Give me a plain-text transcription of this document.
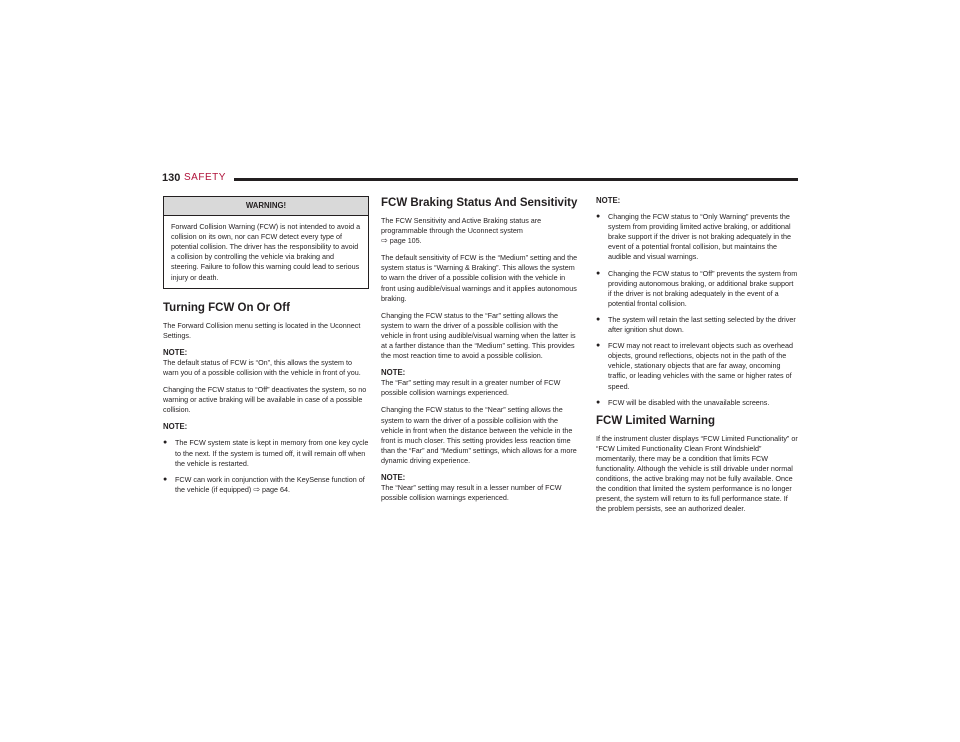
130 SAFETY
WARNING!
Forward Collision Warning (FCW) is not intended to avoid a collision on its own, nor can FCW detect every type of potential collision. The driver has the responsibility to avoid a collision by controlling the vehicle via braking and steering. Failure to follow this warning could lead to serious injury or death.
Turning FCW On Or Off

The Forward Collision menu setting is located in the Uconnect Settings.

NOTE:

The default status of FCW is “On”, this allows the system to warn you of a possible collision with the vehicle in front of you.

Changing the FCW status to “Off” deactivates the system, so no warning or active braking will be available in case of a possible collision.

NOTE:
● The FCW system state is kept in memory from one key cycle to the next. If the system is turned off, it will remain off when the vehicle is restarted.
● FCW can work in conjunction with the KeySense function of the vehicle (if equipped) ⇨ page 64.
FCW Braking Status And Sensitivity

The FCW Sensitivity and Active Braking status are programmable through the Uconnect system
⇨ page 105.

The default sensitivity of FCW is the “Medium” setting and the system status is “Warning & Braking”. This allows the system to warn the driver of a possible collision with the vehicle in front using audible/visual warnings and it applies autonomous braking.

Changing the FCW status to the “Far” setting allows the system to warn the driver of a possible collision with the vehicle in front using audible/visual warning when the latter is at a farther distance than the “Medium” setting. This provides the most reaction time to avoid a possible collision.

NOTE:

The “Far” setting may result in a greater number of FCW possible collision warnings experienced.

Changing the FCW status to the “Near” setting allows the system to warn the driver of a possible collision with the vehicle in front when the distance between the vehicle in the front is much closer. This setting provides less reaction time than the “Far” and “Medium” settings, which allows for a more dynamic driving experience.

NOTE:

The “Near” setting may result in a lesser number of FCW possible collision warnings experienced.

NOTE:
● Changing the FCW status to “Only Warning” prevents the system from providing limited active braking, or additional brake support if the driver is not braking adequately in the event of a potential frontal collision, but maintains the audible and visual warnings.
● Changing the FCW status to “Off” prevents the system from providing autonomous braking, or additional brake support if the driver is not braking adequately in the event of a potential frontal collision.
● The system will retain the last setting selected by the driver after ignition shut down.
● FCW may not react to irrelevant objects such as overhead objects, ground reflections, objects not in the path of the vehicle, stationary objects that are far away, oncoming traffic, or leading vehicles with the same or higher rates of speed.
● FCW will be disabled with the unavailable screens.
FCW Limited Warning

If the instrument cluster displays “FCW Limited Functionality” or “FCW Limited Functionality Clean Front Windshield” momentarily, there may be a condition that limits FCW functionality. Although the vehicle is still drivable under normal conditions, the active braking may not be fully available. Once the condition that limited the system performance is no longer present, the system will return to its full performance state. If the problem persists, see an authorized dealer.
